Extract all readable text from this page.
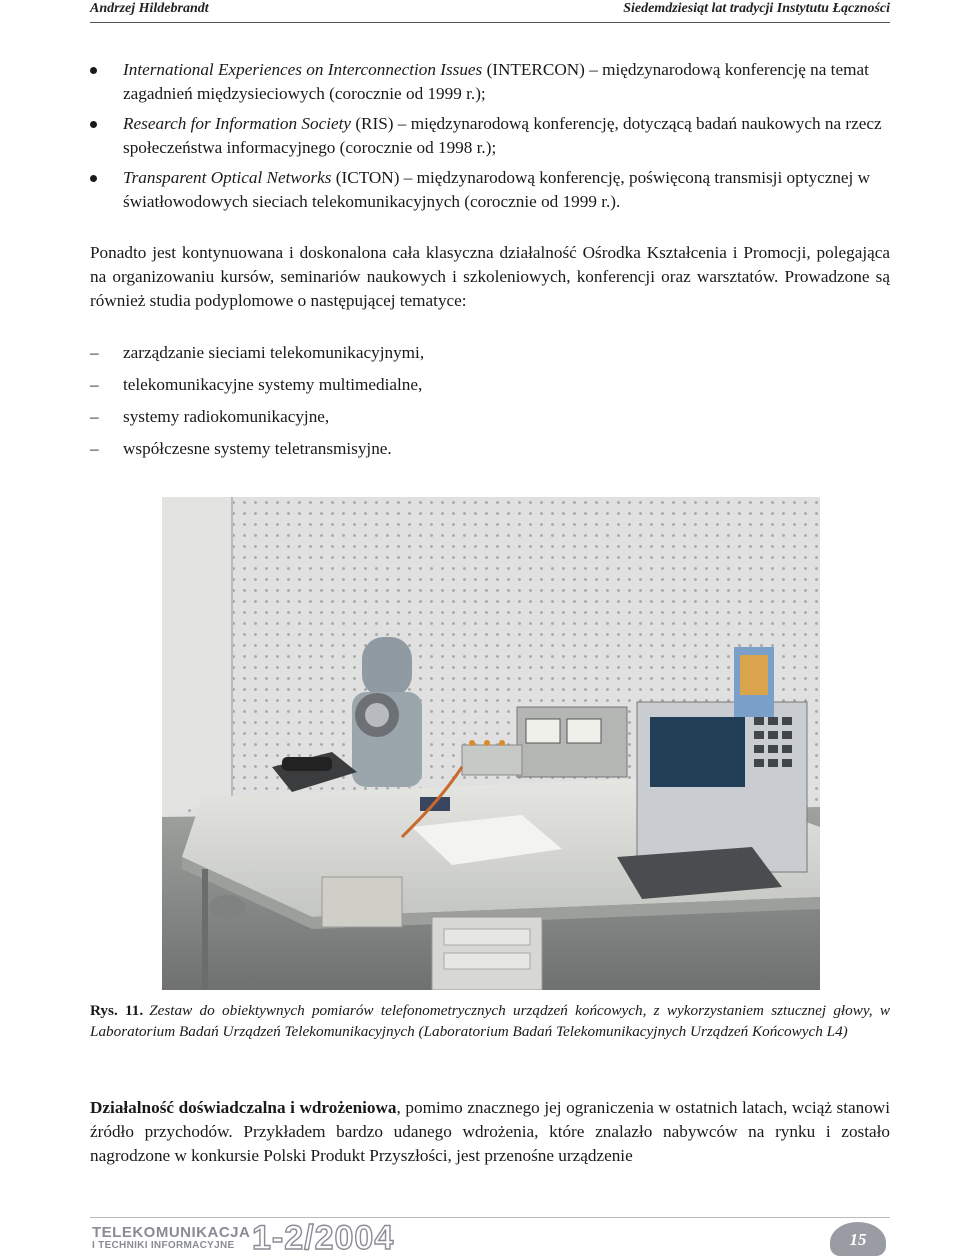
Andrzej Hildebrandt	Siedemdziesiąt lat tradycji Instytutu Łączności
International Experiences on Interconnection Issues (INTERCON) – międzynarodową konferencję na temat zagadnień międzysieciowych (corocznie od 1999 r.);
Research for Information Society (RIS) – międzynarodową konferencję, dotyczącą badań naukowych na rzecz społeczeństwa informacyjnego (corocznie od 1998 r.);
Transparent Optical Networks (ICTON) – międzynarodową konferencję, poświęconą transmisji optycznej w światłowodowych sieciach telekomunikacyjnych (corocznie od 1999 r.).

Ponadto jest kontynuowana i doskonalona cała klasyczna działalność Ośrodka Kształcenia i Promocji, polegająca na organizowaniu kursów, seminariów naukowych i szkoleniowych, konferencji oraz warsztatów. Prowadzone są również studia podyplomowe o następującej tematyce:

– zarządzanie sieciami telekomunikacyjnymi,
– telekomunikacyjne systemy multimedialne,
– systemy radiokomunikacyjne,
– współczesne systemy teletransmisyjne.

Rys. 11. Zestaw do obiektywnych pomiarów telefonometrycznych urządzeń końcowych, z wykorzystaniem sztucznej głowy, w Laboratorium Badań Urządzeń Telekomunikacyjnych (Laboratorium Badań Telekomunikacyjnych Urządzeń Końcowych L4)

Działalność doświadczalna i wdrożeniowa, pomimo znacznego jej ograniczenia w ostatnich latach, wciąż stanowi źródło przychodów. Przykładem bardzo udanego wdrożenia, które znalazło nabywców na rynku i zostało nagrodzone w konkursie Polski Produkt Przyszłości, jest przenośne urządzenie

TELEKOMUNIKACJA
I TECHNIKI INFORMACYJNE 1-2/2004	15
